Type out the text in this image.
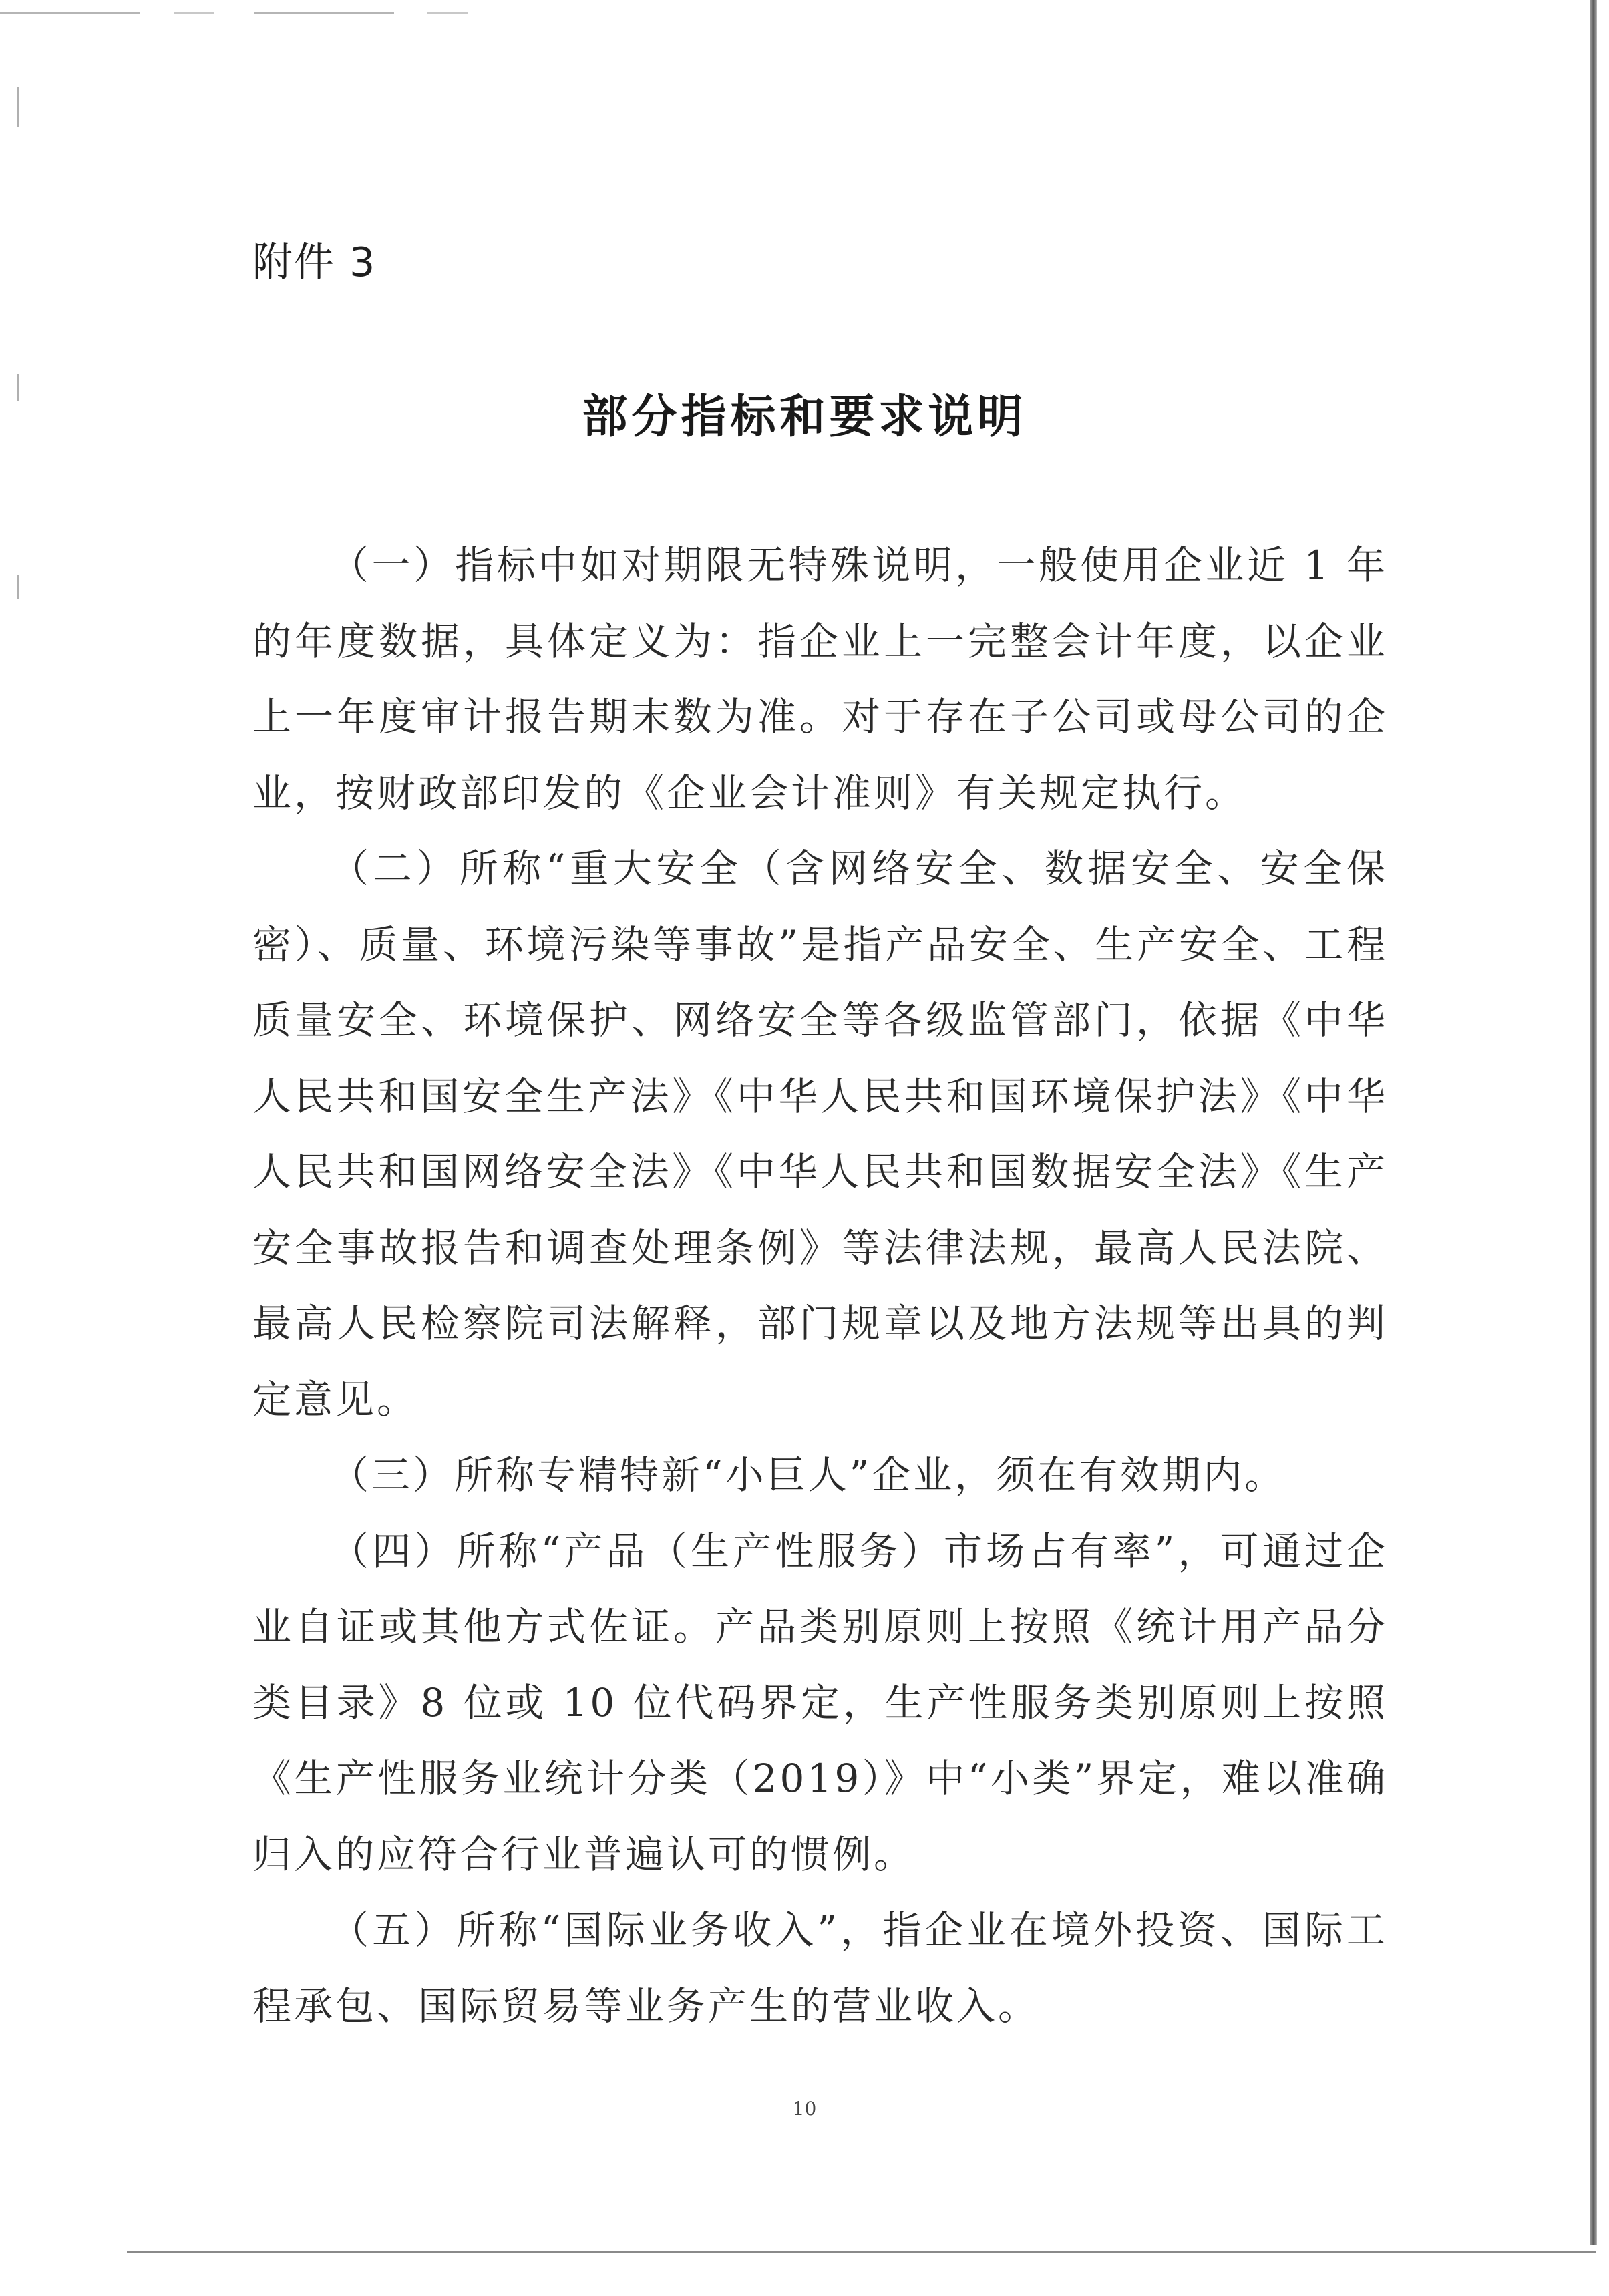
附件 3
部分指标和要求说明

（一）指标中如对期限无特殊说明，一般使用企业近 1 年的年度数据，具体定义为：指企业上一完整会计年度，以企业上一年度审计报告期末数为准。对于存在子公司或母公司的企业，按财政部印发的《企业会计准则》有关规定执行。

（二）所称“重大安全（含网络安全、数据安全、安全保密）、质量、环境污染等事故”是指产品安全、生产安全、工程质量安全、环境保护、网络安全等各级监管部门，依据《中华人民共和国安全生产法》《中华人民共和国环境保护法》《中华人民共和国网络安全法》《中华人民共和国数据安全法》《生产安全事故报告和调查处理条例》等法律法规，最高人民法院、最高人民检察院司法解释，部门规章以及地方法规等出具的判定意见。

（三）所称专精特新“小巨人”企业，须在有效期内。

（四）所称“产品（生产性服务）市场占有率”，可通过企业自证或其他方式佐证。产品类别原则上按照《统计用产品分类目录》8 位或 10 位代码界定，生产性服务类别原则上按照《生产性服务业统计分类（2019）》中“小类”界定，难以准确归入的应符合行业普遍认可的惯例。

（五）所称“国际业务收入”，指企业在境外投资、国际工程承包、国际贸易等业务产生的营业收入。

10
